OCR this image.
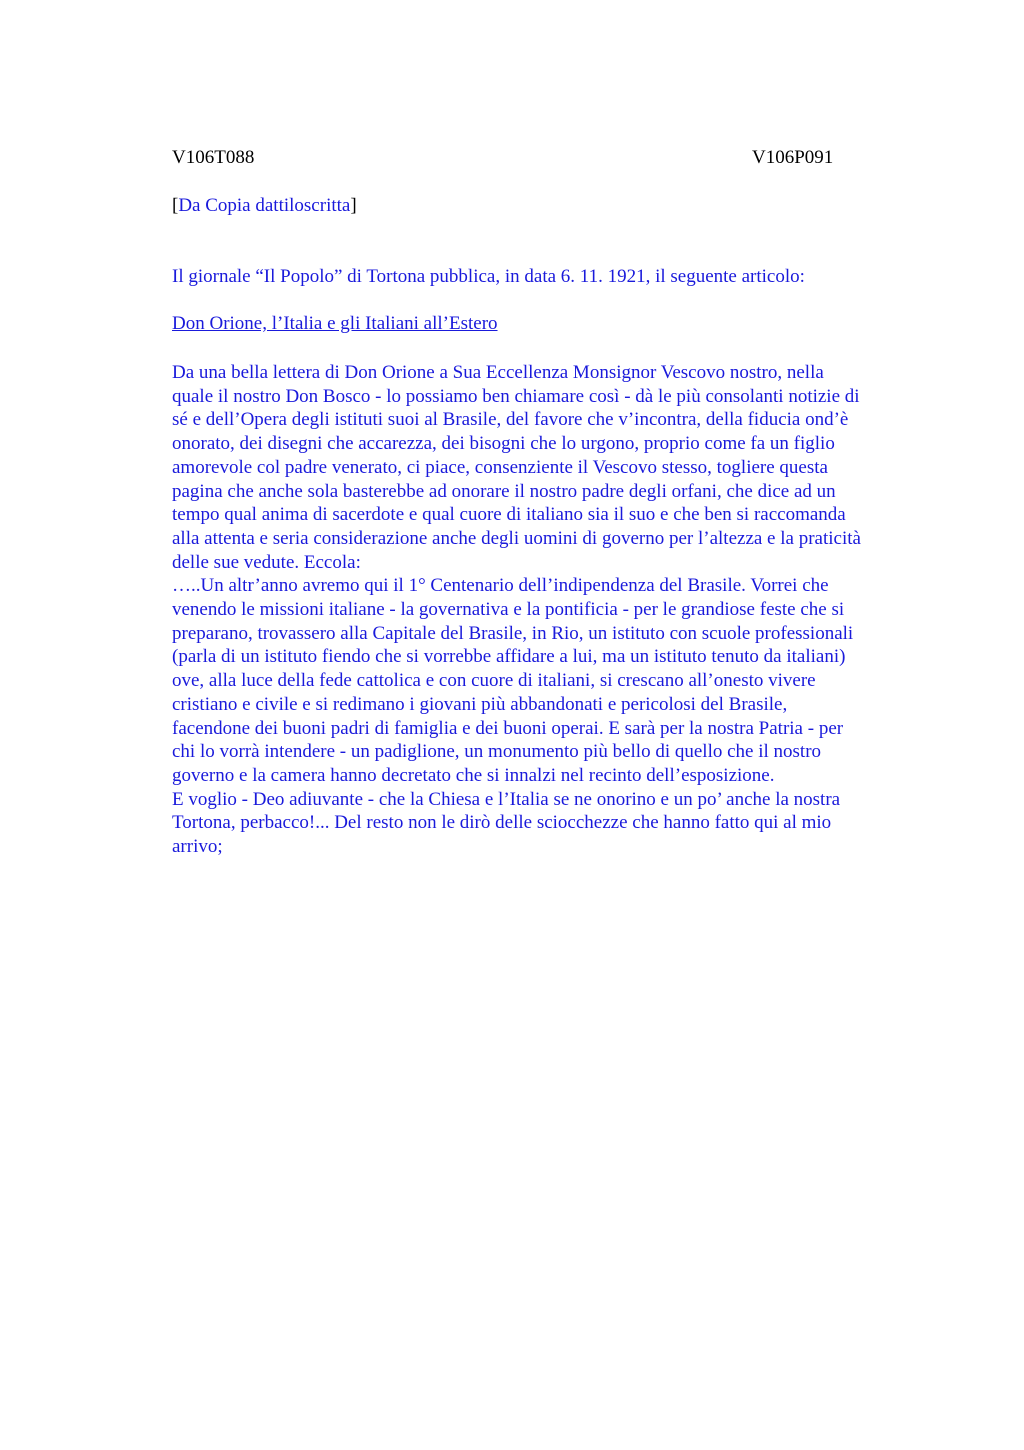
V106T088	V106P091
[Da Copia dattiloscritta]
Il giornale “Il Popolo” di Tortona pubblica, in data 6. 11. 1921, il seguente articolo:
Don Orione, l’Italia e gli Italiani all’Estero
Da una bella lettera di Don Orione a Sua Eccellenza Monsignor Vescovo nostro, nella
quale il nostro Don Bosco - lo possiamo ben chiamare così - dà le più consolanti notizie di
sé e dell’Opera degli istituti suoi al Brasile, del favore che v’incontra, della fiducia ond’è
onorato, dei disegni che accarezza, dei bisogni che lo urgono, proprio come fa un figlio
amorevole col padre venerato, ci piace, consenziente il Vescovo stesso, togliere questa
pagina che anche sola basterebbe ad onorare il nostro padre degli orfani, che dice ad un
tempo qual anima di sacerdote e qual cuore di italiano sia il suo e che ben si raccomanda
alla attenta e seria considerazione anche degli uomini di governo per l’altezza e la praticità
delle sue vedute. Eccola:
…..Un altr’anno avremo qui il 1° Centenario dell’indipendenza del Brasile. Vorrei che
venendo le missioni italiane - la governativa e la pontificia - per le grandiose feste che si
preparano, trovassero alla Capitale del Brasile, in Rio, un istituto con scuole professionali
(parla di un istituto fiendo che si vorrebbe affidare a lui, ma un istituto tenuto da italiani)
ove, alla luce della fede cattolica e con cuore di italiani, si crescano all’onesto vivere
cristiano e civile e si redimano i giovani più abbandonati e pericolosi del Brasile,
facendone dei buoni padri di famiglia e dei buoni operai. E sarà per la nostra Patria - per
chi lo vorrà intendere - un padiglione, un monumento più bello di quello che il nostro
governo e la camera hanno decretato che si innalzi nel recinto dell’esposizione.
E voglio - Deo adiuvante - che la Chiesa e l’Italia se ne onorino e un po’ anche la nostra
Tortona, perbacco!... Del resto non le dirò delle sciocchezze che hanno fatto qui al mio
arrivo;
